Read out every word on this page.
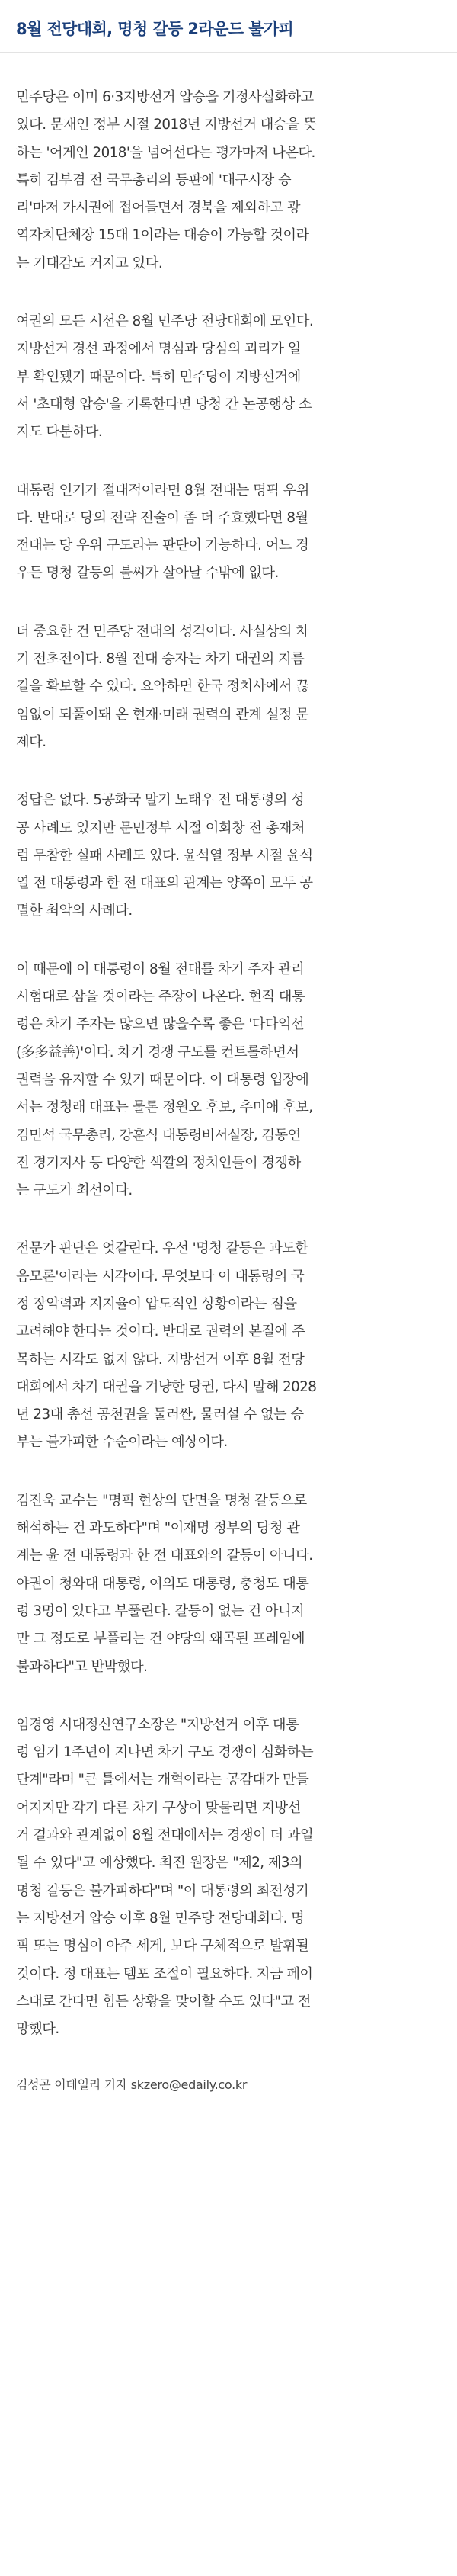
8월 전당대회, 명청 갈등 2라운드 불가피

민주당은 이미 6·3지방선거 압승을 기정사실화하고
있다. 문재인 정부 시절 2018년 지방선거 대승을 뜻
하는 '어게인 2018'을 넘어선다는 평가마저 나온다.
특히 김부겸 전 국무총리의 등판에 '대구시장 승
리'마저 가시권에 접어들면서 경북을 제외하고 광
역자치단체장 15대 1이라는 대승이 가능할 것이라
는 기대감도 커지고 있다.

여권의 모든 시선은 8월 민주당 전당대회에 모인다.
지방선거 경선 과정에서 명심과 당심의 괴리가 일
부 확인됐기 때문이다. 특히 민주당이 지방선거에
서 '초대형 압승'을 기록한다면 당청 간 논공행상 소
지도 다분하다.

대통령 인기가 절대적이라면 8월 전대는 명픽 우위
다. 반대로 당의 전략 전술이 좀 더 주효했다면 8월
전대는 당 우위 구도라는 판단이 가능하다. 어느 경
우든 명청 갈등의 불씨가 살아날 수밖에 없다.

더 중요한 건 민주당 전대의 성격이다. 사실상의 차
기 전초전이다. 8월 전대 승자는 차기 대권의 지름
길을 확보할 수 있다. 요약하면 한국 정치사에서 끊
임없이 되풀이돼 온 현재·미래 권력의 관계 설정 문
제다.

정답은 없다. 5공화국 말기 노태우 전 대통령의 성
공 사례도 있지만 문민정부 시절 이회창 전 총재처
럼 무참한 실패 사례도 있다. 윤석열 정부 시절 윤석
열 전 대통령과 한 전 대표의 관계는 양쪽이 모두 공
멸한 최악의 사례다.

이 때문에 이 대통령이 8월 전대를 차기 주자 관리
시험대로 삼을 것이라는 주장이 나온다. 현직 대통
령은 차기 주자는 많으면 많을수록 좋은 '다다익선
(多多益善)'이다. 차기 경쟁 구도를 컨트롤하면서
권력을 유지할 수 있기 때문이다. 이 대통령 입장에
서는 정청래 대표는 물론 정원오 후보, 추미애 후보,
김민석 국무총리, 강훈식 대통령비서실장, 김동연
전 경기지사 등 다양한 색깔의 정치인들이 경쟁하
는 구도가 최선이다.

전문가 판단은 엇갈린다. 우선 '명청 갈등은 과도한
음모론'이라는 시각이다. 무엇보다 이 대통령의 국
정 장악력과 지지율이 압도적인 상황이라는 점을
고려해야 한다는 것이다. 반대로 권력의 본질에 주
목하는 시각도 없지 않다. 지방선거 이후 8월 전당
대회에서 차기 대권을 겨냥한 당권, 다시 말해 2028
년 23대 총선 공천권을 둘러싼, 물러설 수 없는 승
부는 불가피한 수순이라는 예상이다.

김진욱 교수는 "명픽 현상의 단면을 명청 갈등으로
해석하는 건 과도하다"며 "이재명 정부의 당청 관
계는 윤 전 대통령과 한 전 대표와의 갈등이 아니다.
야권이 청와대 대통령, 여의도 대통령, 충청도 대통
령 3명이 있다고 부풀린다. 갈등이 없는 건 아니지
만 그 정도로 부풀리는 건 야당의 왜곡된 프레임에
불과하다"고 반박했다.

엄경영 시대정신연구소장은 "지방선거 이후 대통
령 임기 1주년이 지나면 차기 구도 경쟁이 심화하는
단계"라며 "큰 틀에서는 개혁이라는 공감대가 만들
어지지만 각기 다른 차기 구상이 맞물리면 지방선
거 결과와 관계없이 8월 전대에서는 경쟁이 더 과열
될 수 있다"고 예상했다. 최진 원장은 "제2, 제3의
명청 갈등은 불가피하다"며 "이 대통령의 최전성기
는 지방선거 압승 이후 8월 민주당 전당대회다. 명
픽 또는 명심이 아주 세게, 보다 구체적으로 발휘될
것이다. 정 대표는 템포 조절이 필요하다. 지금 페이
스대로 간다면 힘든 상황을 맞이할 수도 있다"고 전
망했다.

김성곤 이데일리 기자 skzero@edaily.co.kr
